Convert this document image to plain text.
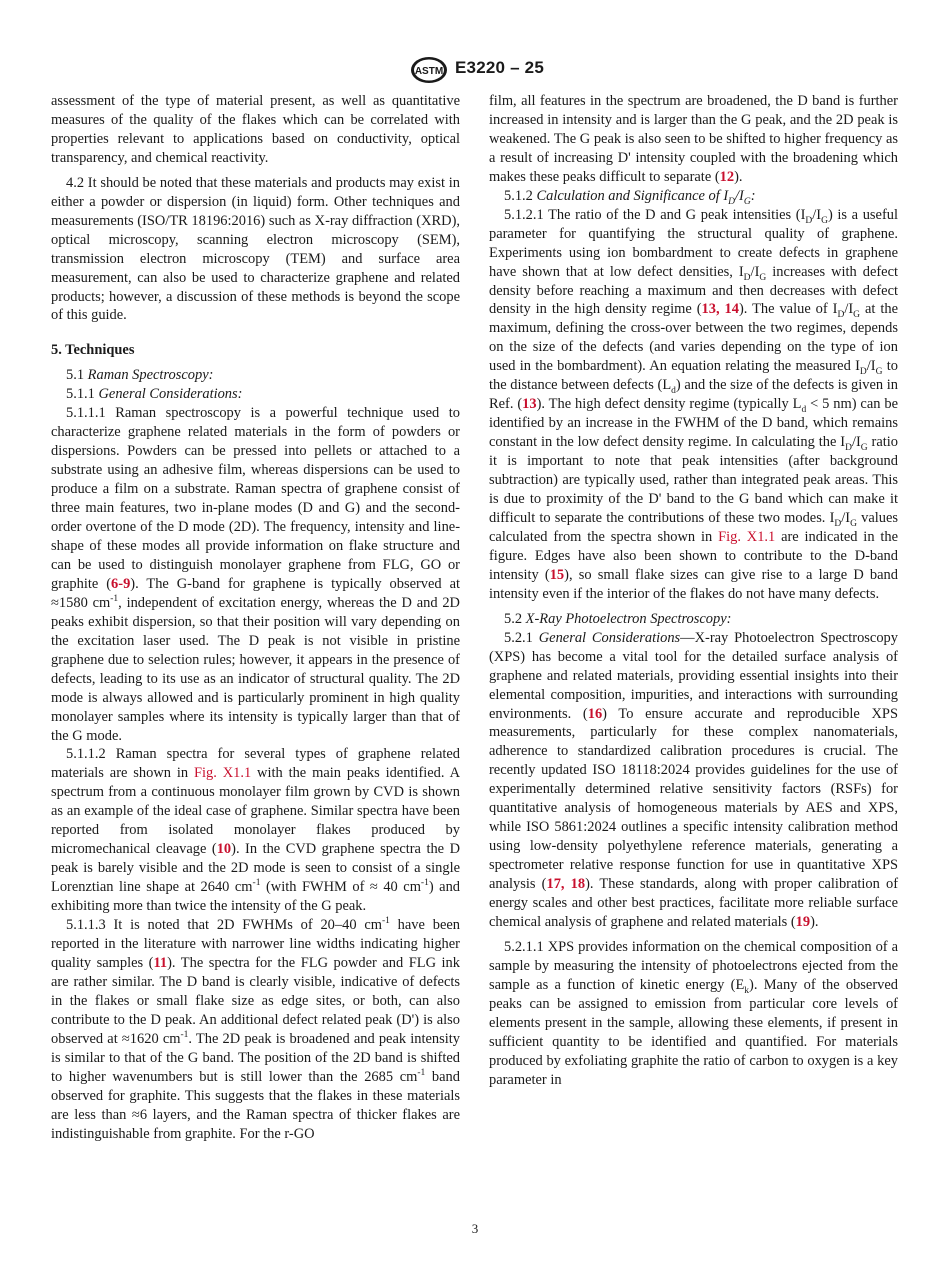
ASTM E3220 – 25

assessment of the type of material present, as well as quantitative measures of the quality of the flakes which can be correlated with properties relevant to applications based on conductivity, optical transparency, and chemical reactivity.

4.2 It should be noted that these materials and products may exist in either a powder or dispersion (in liquid) form. Other techniques and measurements (ISO/TR 18196:2016) such as X-ray diffraction (XRD), optical microscopy, scanning electron microscopy (SEM), transmission electron microscopy (TEM) and surface area measurement, can also be used to characterize graphene and related products; however, a discussion of these methods is beyond the scope of this guide.

5. Techniques

5.1 Raman Spectroscopy:

5.1.1 General Considerations:

5.1.1.1 Raman spectroscopy is a powerful technique used to characterize graphene related materials in the form of powders or dispersions. Powders can be pressed into pellets or attached to a substrate using an adhesive film, whereas dispersions can be used to produce a film on a substrate. Raman spectra of graphene consist of three main features, two in-plane modes (D and G) and the second-order overtone of the D mode (2D). The frequency, intensity and line-shape of these modes all provide information on flake structure and can be used to distinguish monolayer graphene from FLG, GO or graphite (6-9). The G-band for graphene is typically observed at ≈1580 $cm^{-1}$, independent of excitation energy, whereas the D and 2D peaks exhibit dispersion, so that their position will vary depending on the excitation laser used. The D peak is not visible in pristine graphene due to selection rules; however, it appears in the presence of defects, leading to its use as an indicator of structural quality. The 2D mode is always allowed and is particularly prominent in high quality monolayer samples where its intensity is typically larger than that of the G mode.

5.1.1.2 Raman spectra for several types of graphene related materials are shown in Fig. X1.1 with the main peaks identified. A spectrum from a continuous monolayer film grown by CVD is shown as an example of the ideal case of graphene. Similar spectra have been reported from isolated monolayer flakes produced by micromechanical cleavage (10). In the CVD graphene spectra the D peak is barely visible and the 2D mode is seen to consist of a single Lorenztian line shape at 2640 $cm^{-1}$ (with FWHM of ≈ 40 $cm^{-1}$) and exhibiting more than twice the intensity of the G peak.

5.1.1.3 It is noted that 2D FWHMs of 20–40 $cm^{-1}$ have been reported in the literature with narrower line widths indicating higher quality samples (11). The spectra for the FLG powder and FLG ink are rather similar. The D band is clearly visible, indicative of defects in the flakes or small flake size as edge sites, or both, can also contribute to the D peak. An additional defect related peak (D') is also observed at ≈1620 $cm^{-1}$. The 2D peak is broadened and peak intensity is similar to that of the G band. The position of the 2D band is shifted to higher wavenumbers but is still lower than the 2685 $cm^{-1}$ band observed for graphite. This suggests that the flakes in these materials are less than ≈6 layers, and the Raman spectra of thicker flakes are indistinguishable from graphite. For the r-GO

film, all features in the spectrum are broadened, the D band is further increased in intensity and is larger than the G peak, and the 2D peak is weakened. The G peak is also seen to be shifted to higher frequency as a result of increasing D' intensity coupled with the broadening which makes these peaks difficult to separate (12).

5.1.2 Calculation and Significance of $I_D/I_G$:

5.1.2.1 The ratio of the D and G peak intensities $(I_D/I_G)$ is a useful parameter for quantifying the structural quality of graphene. Experiments using ion bombardment to create defects in graphene have shown that at low defect densities, $I_D/I_G$ increases with defect density before reaching a maximum and then decreases with defect density in the high density regime (13, 14). The value of $I_D/I_G$ at the maximum, defining the cross-over between the two regimes, depends on the size of the defects (and varies depending on the type of ion used in the bombardment). An equation relating the measured $I_D/I_G$ to the distance between defects $(L_d)$ and the size of the defects is given in Ref. (13). The high defect density regime (typically $L_d < 5$ nm) can be identified by an increase in the FWHM of the D band, which remains constant in the low defect density regime. In calculating the $I_D/I_G$ ratio it is important to note that peak intensities (after background subtraction) are typically used, rather than integrated peak areas. This is due to proximity of the D' band to the G band which can make it difficult to separate the contributions of these two modes. $I_D/I_G$ values calculated from the spectra shown in Fig. X1.1 are indicated in the figure. Edges have also been shown to contribute to the D-band intensity (15), so small flake sizes can give rise to a large D band intensity even if the interior of the flakes do not have many defects.

5.2 X-Ray Photoelectron Spectroscopy:

5.2.1 General Considerations—X-ray Photoelectron Spectroscopy (XPS) has become a vital tool for the detailed surface analysis of graphene and related materials, providing essential insights into their elemental composition, impurities, and interactions with surrounding environments. (16) To ensure accurate and reproducible XPS measurements, particularly for these complex nanomaterials, adherence to standardized calibration procedures is crucial. The recently updated ISO 18118:2024 provides guidelines for the use of experimentally determined relative sensitivity factors (RSFs) for quantitative analysis of homogeneous materials by AES and XPS, while ISO 5861:2024 outlines a specific intensity calibration method using low-density polyethylene reference materials, generating a spectrometer relative response function for use in quantitative XPS analysis (17, 18). These standards, along with proper calibration of energy scales and other best practices, facilitate more reliable surface chemical analysis of graphene and related materials (19).

5.2.1.1 XPS provides information on the chemical composition of a sample by measuring the intensity of photoelectrons ejected from the sample as a function of kinetic energy $(E_k)$. Many of the observed peaks can be assigned to emission from particular core levels of elements present in the sample, allowing these elements, if present in sufficient quantity to be identified and quantified. For materials produced by exfoliating graphite the ratio of carbon to oxygen is a key parameter in

3
